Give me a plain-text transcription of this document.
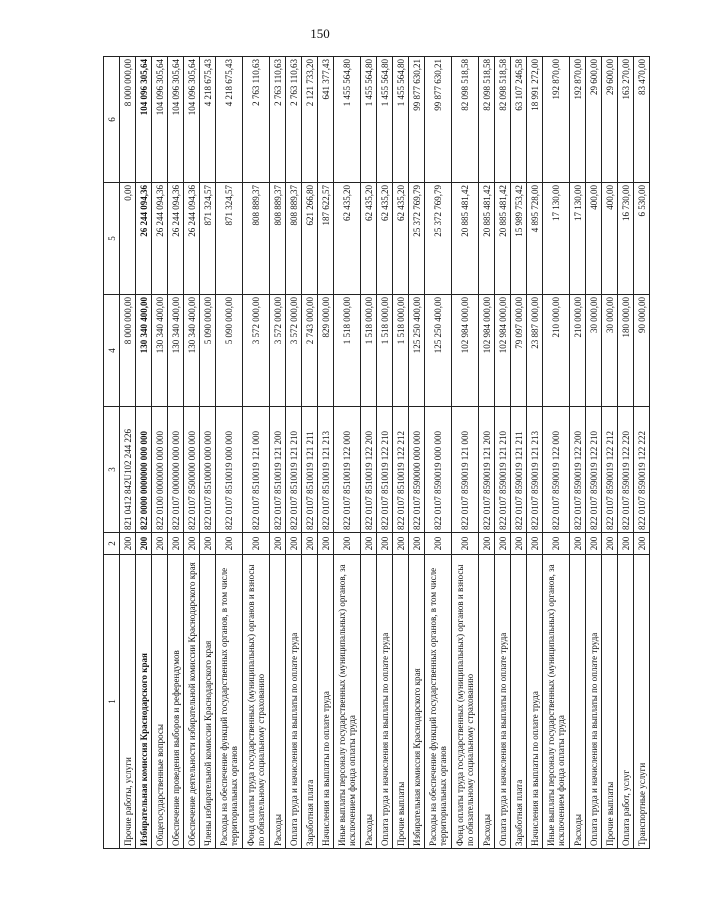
150
1	2	3	4	5	6
Прочие работы, услуги	200	821 0412 842U102 244 226	8 000 000,00	0,00	8 000 000,00
Избирательная комиссия Краснодарского края	200	822 0000 0000000 000 000	130 340 400,00	26 244 094,36	104 096 305,64
Общегосударственные вопросы	200	822 0100 0000000 000 000	130 340 400,00	26 244 094,36	104 096 305,64
Обеспечение проведения выборов и референдумов	200	822 0107 0000000 000 000	130 340 400,00	26 244 094,36	104 096 305,64
Обеспечение деятельности избирательной комиссии Краснодарского края	200	822 0107 8500000 000 000	130 340 400,00	26 244 094,36	104 096 305,64
Члены избирательной комиссии Краснодарского края	200	822 0107 8510000 000 000	5 090 000,00	871 324,57	4 218 675,43
Расходы на обеспечение функций государственных органов, в том числе территориальных органов	200	822 0107 8510019 000 000	5 090 000,00	871 324,57	4 218 675,43
Фонд оплаты труда государственных (муниципальных) органов и взносы по обязательному социальному страхованию	200	822 0107 8510019 121 000	3 572 000,00	808 889,37	2 763 110,63
Расходы	200	822 0107 8510019 121 200	3 572 000,00	808 889,37	2 763 110,63
Оплата труда и начисления на выплаты по оплате труда	200	822 0107 8510019 121 210	3 572 000,00	808 889,37	2 763 110,63
Заработная плата	200	822 0107 8510019 121 211	2 743 000,00	621 266,80	2 121 733,20
Начисления на выплаты по оплате труда	200	822 0107 8510019 121 213	829 000,00	187 622,57	641 377,43
Иные выплаты персоналу государственных (муниципальных) органов, за исключением фонда оплаты труда	200	822 0107 8510019 122 000	1 518 000,00	62 435,20	1 455 564,80
Расходы	200	822 0107 8510019 122 200	1 518 000,00	62 435,20	1 455 564,80
Оплата труда и начисления на выплаты по оплате труда	200	822 0107 8510019 122 210	1 518 000,00	62 435,20	1 455 564,80
Прочие выплаты	200	822 0107 8510019 122 212	1 518 000,00	62 435,20	1 455 564,80
Избирательная комиссия Краснодарского края	200	822 0107 8590000 000 000	125 250 400,00	25 372 769,79	99 877 630,21
Расходы на обеспечение функций государственных органов, в том числе территориальных органов	200	822 0107 8590019 000 000	125 250 400,00	25 372 769,79	99 877 630,21
Фонд оплаты труда государственных (муниципальных) органов и взносы по обязательному социальному страхованию	200	822 0107 8590019 121 000	102 984 000,00	20 885 481,42	82 098 518,58
Расходы	200	822 0107 8590019 121 200	102 984 000,00	20 885 481,42	82 098 518,58
Оплата труда и начисления на выплаты по оплате труда	200	822 0107 8590019 121 210	102 984 000,00	20 885 481,42	82 098 518,58
Заработная плата	200	822 0107 8590019 121 211	79 097 000,00	15 989 753,42	63 107 246,58
Начисления на выплаты по оплате труда	200	822 0107 8590019 121 213	23 887 000,00	4 895 728,00	18 991 272,00
Иные выплаты персоналу государственных (муниципальных) органов, за исключением фонда оплаты труда	200	822 0107 8590019 122 000	210 000,00	17 130,00	192 870,00
Расходы	200	822 0107 8590019 122 200	210 000,00	17 130,00	192 870,00
Оплата труда и начисления на выплаты по оплате труда	200	822 0107 8590019 122 210	30 000,00	400,00	29 600,00
Прочие выплаты	200	822 0107 8590019 122 212	30 000,00	400,00	29 600,00
Оплата работ, услуг	200	822 0107 8590019 122 220	180 000,00	16 730,00	163 270,00
Транспортные услуги	200	822 0107 8590019 122 222	90 000,00	6 530,00	83 470,00
